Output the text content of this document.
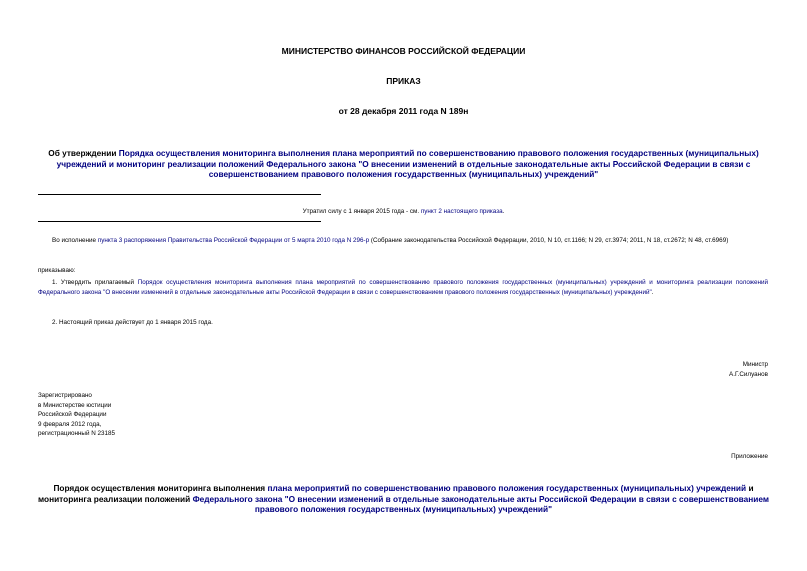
МИНИСТЕРСТВО ФИНАНСОВ РОССИЙСКОЙ ФЕДЕРАЦИИ
ПРИКАЗ
от 28 декабря 2011 года N 189н
Об утверждении Порядка осуществления мониторинга выполнения плана мероприятий по совершенствованию правового положения государственных (муниципальных) учреждений и мониторинг реализации положений Федерального закона "О внесении изменений в отдельные законодательные акты Российской Федерации в связи с совершенствованием правового положения государственных (муниципальных) учреждений"
Утратил силу с 1 января 2015 года - см. пункт 2 настоящего приказа.
Во исполнение пункта 3 распоряжения Правительства Российской Федерации от 5 марта 2010 года N 296-р (Собрание законодательства Российской Федерации, 2010, N 10, ст.1166; N 29, ст.3974; 2011, N 18, ст.2672; N 48, ст.6969)
приказываю:
1. Утвердить прилагаемый Порядок осуществления мониторинга выполнения плана мероприятий по совершенствованию правового положения государственных (муниципальных) учреждений и мониторинга реализации положений Федерального закона "О внесении изменений в отдельные законодательные акты Российской Федерации в связи с совершенствованием правового положения государственных (муниципальных) учреждений".
2. Настоящий приказ действует до 1 января 2015 года.
Министр
А.Г.Силуанов
Зарегистрировано
в Министерстве юстиции
Российской Федерации
9 февраля 2012 года,
регистрационный N 23185
Приложение
Порядок осуществления мониторинга выполнения плана мероприятий по совершенствованию правового положения государственных (муниципальных) учреждений и мониторинга реализации положений Федерального закона "О внесении изменений в отдельные законодательные акты Российской Федерации в связи с совершенствованием правового положения государственных (муниципальных) учреждений"
